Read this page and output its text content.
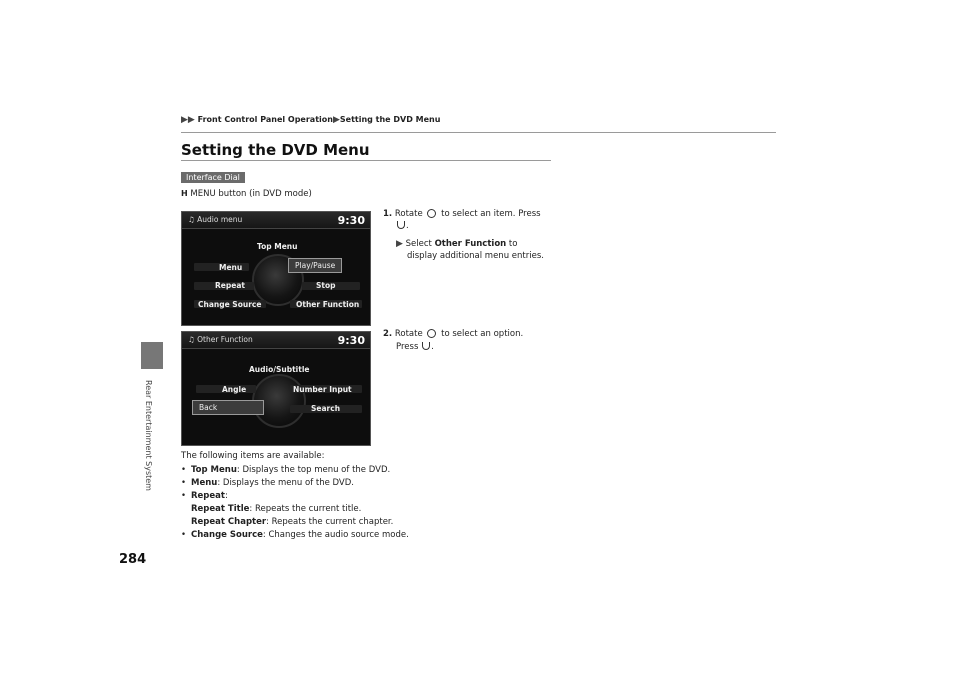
▶▶ Front Control Panel Operation▶Setting the DVD Menu
Rear Entertainment System
Setting the DVD Menu
Interface Dial
H MENU button (in DVD mode)
1. Rotate to select an item. Press
.
▶ Select Other Function to
display additional menu entries.
2. Rotate to select an option.
Press .
♫ Audio menu	9:30
Top Menu
Menu	Play/Pause
Repeat	Stop
Change Source	Other Function
♫ Other Function	9:30
Audio/Subtitle
Angle	Number Input
Back	Search
The following items are available:
• Top Menu: Displays the top menu of the DVD.
• Menu: Displays the menu of the DVD.
• Repeat:
Repeat Title: Repeats the current title.
Repeat Chapter: Repeats the current chapter.
• Change Source: Changes the audio source mode.
284
